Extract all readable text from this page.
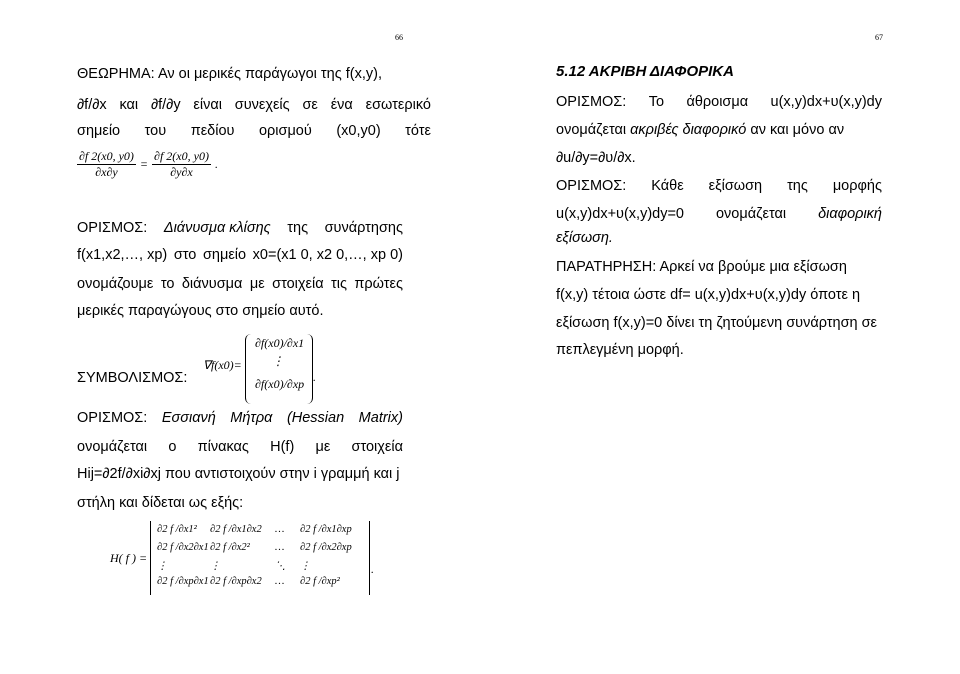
66
ΘΕΩΡΗΜΑ: Αν οι μερικές παράγωγοι της f(x,y),
∂f/∂x και ∂f/∂y είναι συνεχείς σε ένα εσωτερικό
σημείο του πεδίου ορισμού (x0,y0) τότε
$\frac{\partial f 2(x0, y0)}{\partial x\partial y} = \frac{\partial f 2(x0, y0)}{\partial y\partial x}$ .
ΟΡΙΣΜΟΣ: Διάνυσμα κλίσης της συνάρτησης
f(x1,x2,…, xp) στο σημείο x0=(x1 0, x2 0,…, xp 0)
ονομάζουμε το διάνυσμα με στοιχεία τις πρώτες
μερικές παραγώγους στο σημείο αυτό.
ΣΥΜΒΟΛΙΣΜΟΣ:
∇f(x0)=
∂f(x0)/∂x1
⋮
∂f(x0)/∂xp .
ΟΡΙΣΜΟΣ: Εσσιανή Μήτρα (Hessian Matrix)
ονομάζεται ο πίνακας H(f) με στοιχεία
Hij=∂2f/∂xi∂xj που αντιστοιχούν στην i γραμμή και j
στήλη και δίδεται ως εξής:
H( f ) =
∂2 f /∂x1² ∂2 f /∂x1∂x2 … ∂2 f /∂x1∂xp
∂2 f /∂x2∂x1 ∂2 f /∂x2² … ∂2 f /∂x2∂xp
⋮	⋮	⋱ ⋮
∂2 f /∂xp∂x1 ∂2 f /∂xp∂x2 … ∂2 f /∂xp²
.
67
5.12 ΑΚΡΙΒΗ ΔΙΑΦΟΡΙΚΑ
ΟΡΙΣΜΟΣ: Το άθροισμα u(x,y)dx+υ(x,y)dy
ονομάζεται ακριβές διαφορικό αν και μόνο αν
∂u/∂y=∂υ/∂x.
ΟΡΙΣΜΟΣ: Κάθε εξίσωση της μορφής
u(x,y)dx+υ(x,y)dy=0 ονομάζεται διαφορική
εξίσωση.
ΠΑΡΑΤΗΡΗΣΗ: Αρκεί να βρούμε μια εξίσωση
f(x,y) τέτοια ώστε df= u(x,y)dx+υ(x,y)dy όποτε η
εξίσωση f(x,y)=0 δίνει τη ζητούμενη συνάρτηση σε
πεπλεγμένη μορφή.
